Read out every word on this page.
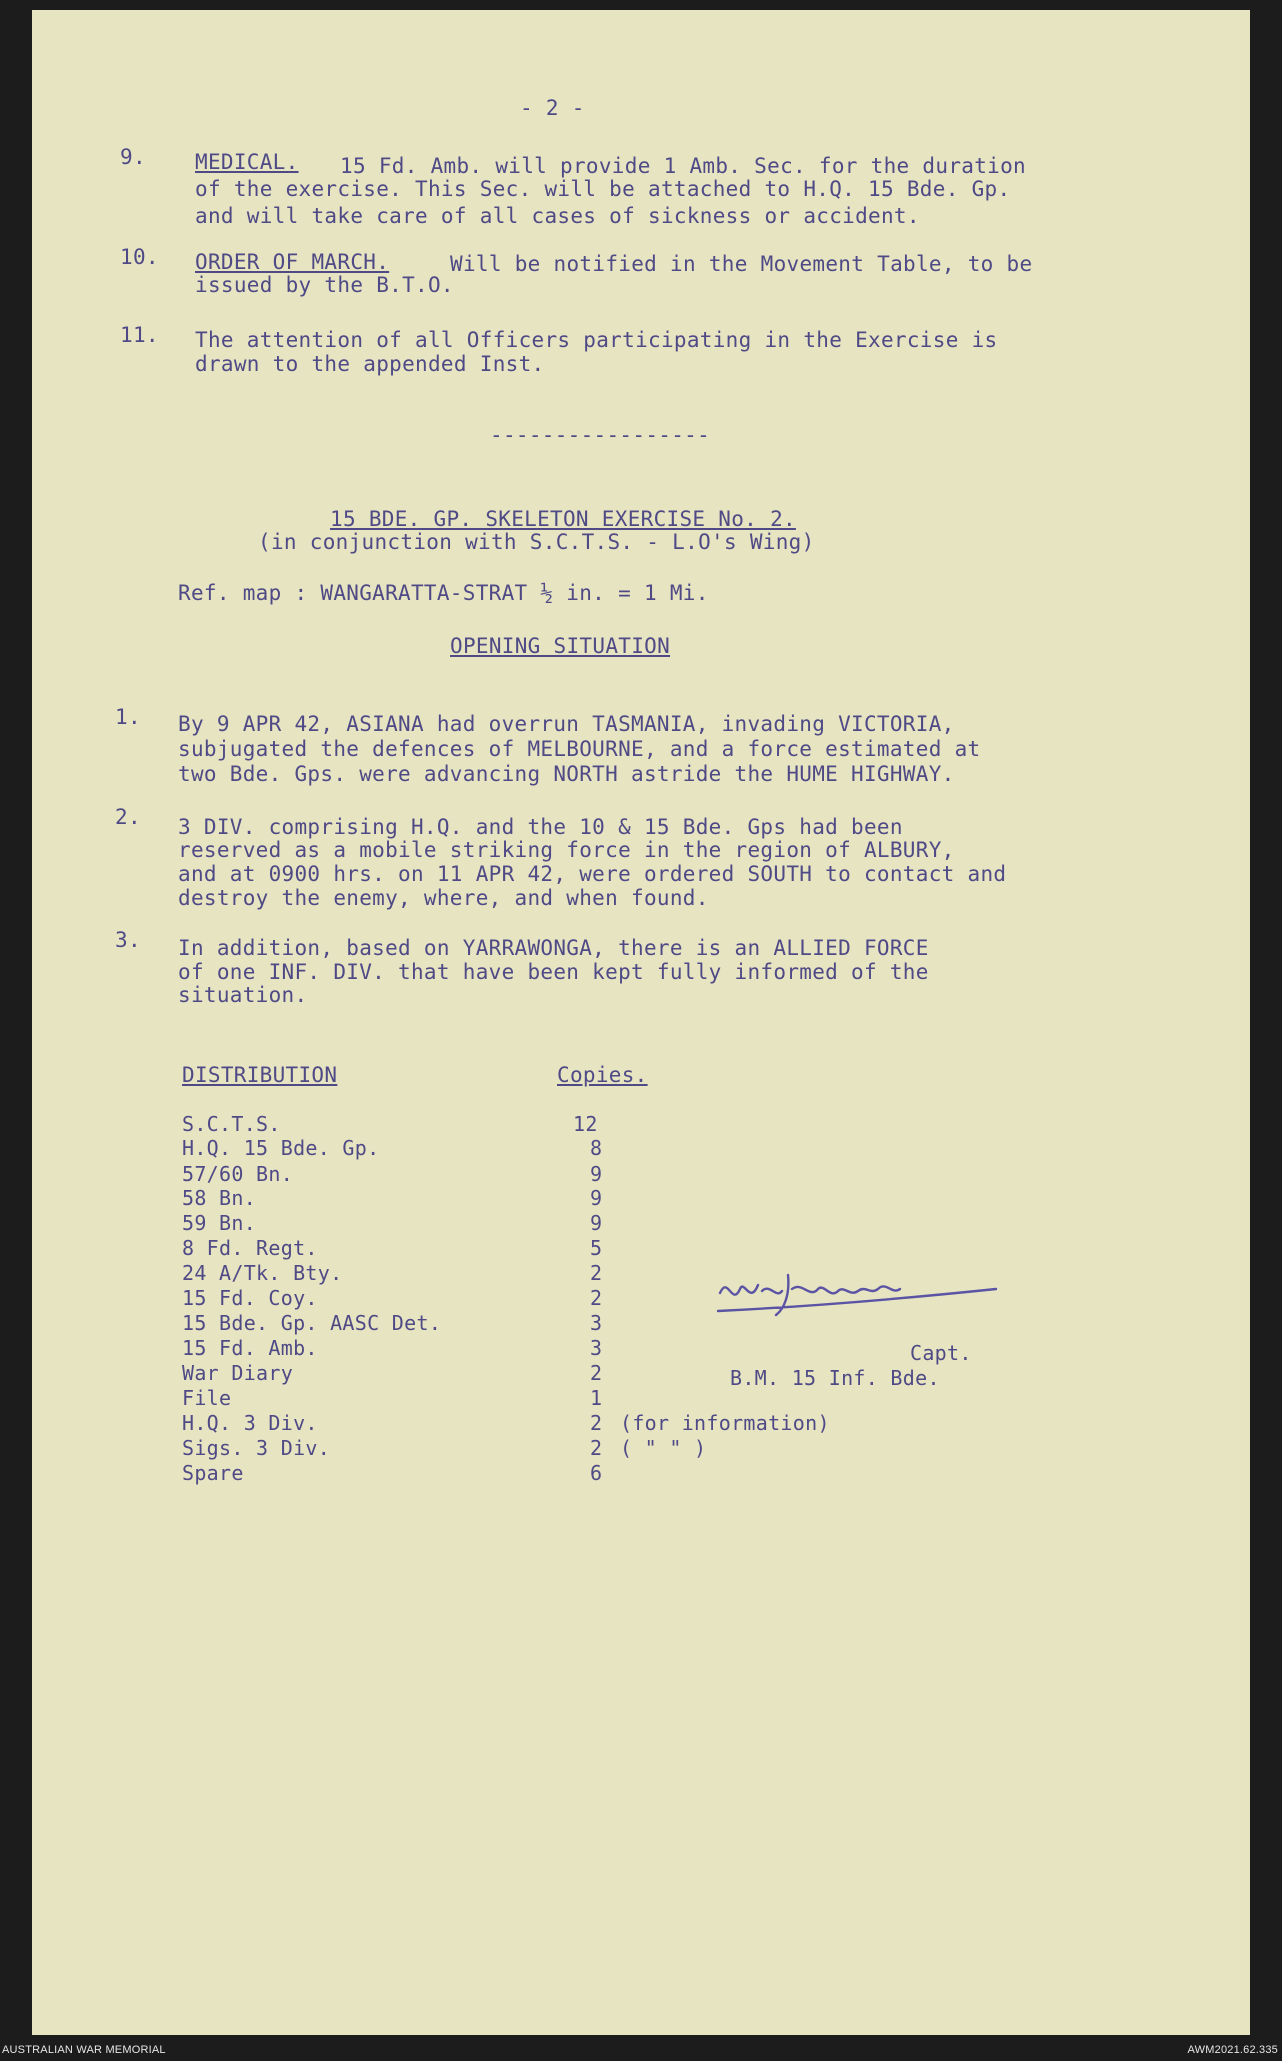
- 2 -
9. MEDICAL. 15 Fd. Amb. will provide 1 Amb. Sec. for the duration
of the exercise. This Sec. will be attached to H.Q. 15 Bde. Gp.
and will take care of all cases of sickness or accident.
10. ORDER OF MARCH.	Will be notified in the Movement Table, to be
issued by the B.T.O.
11. The attention of all Officers participating in the Exercise is
drawn to the appended Inst.
-----------------
15 BDE. GP. SKELETON EXERCISE No. 2.
(in conjunction with S.C.T.S. - L.O's Wing)
Ref. map : WANGARATTA-STRAT ½ in. = 1 Mi.
OPENING SITUATION
1. By 9 APR 42, ASIANA had overrun TASMANIA, invading VICTORIA,
subjugated the defences of MELBOURNE, and a force estimated at
two Bde. Gps. were advancing NORTH astride the HUME HIGHWAY.
2. 3 DIV. comprising H.Q. and the 10 & 15 Bde. Gps had been
reserved as a mobile striking force in the region of ALBURY,
and at 0900 hrs. on 11 APR 42, were ordered SOUTH to contact and
destroy the enemy, where, and when found.
3. In addition, based on YARRAWONGA, there is an ALLIED FORCE
of one INF. DIV. that have been kept fully informed of the
situation.
DISTRIBUTION	Copies.
S.C.T.S.	12
H.Q. 15 Bde. Gp.	8
57/60 Bn.	9
58 Bn.	9
59 Bn.	9
8 Fd. Regt.	5
24 A/Tk. Bty.	2
15 Fd. Coy.	2
15 Bde. Gp. AASC Det.	3
15 Fd. Amb.	3
War Diary	2
File	1
H.Q. 3 Div.	2 (for information)
Sigs. 3 Div.	2 ( " " )
Spare	6
Capt.
B.M. 15 Inf. Bde.
AUSTRALIAN WAR MEMORIAL	AWM2021.62.335
